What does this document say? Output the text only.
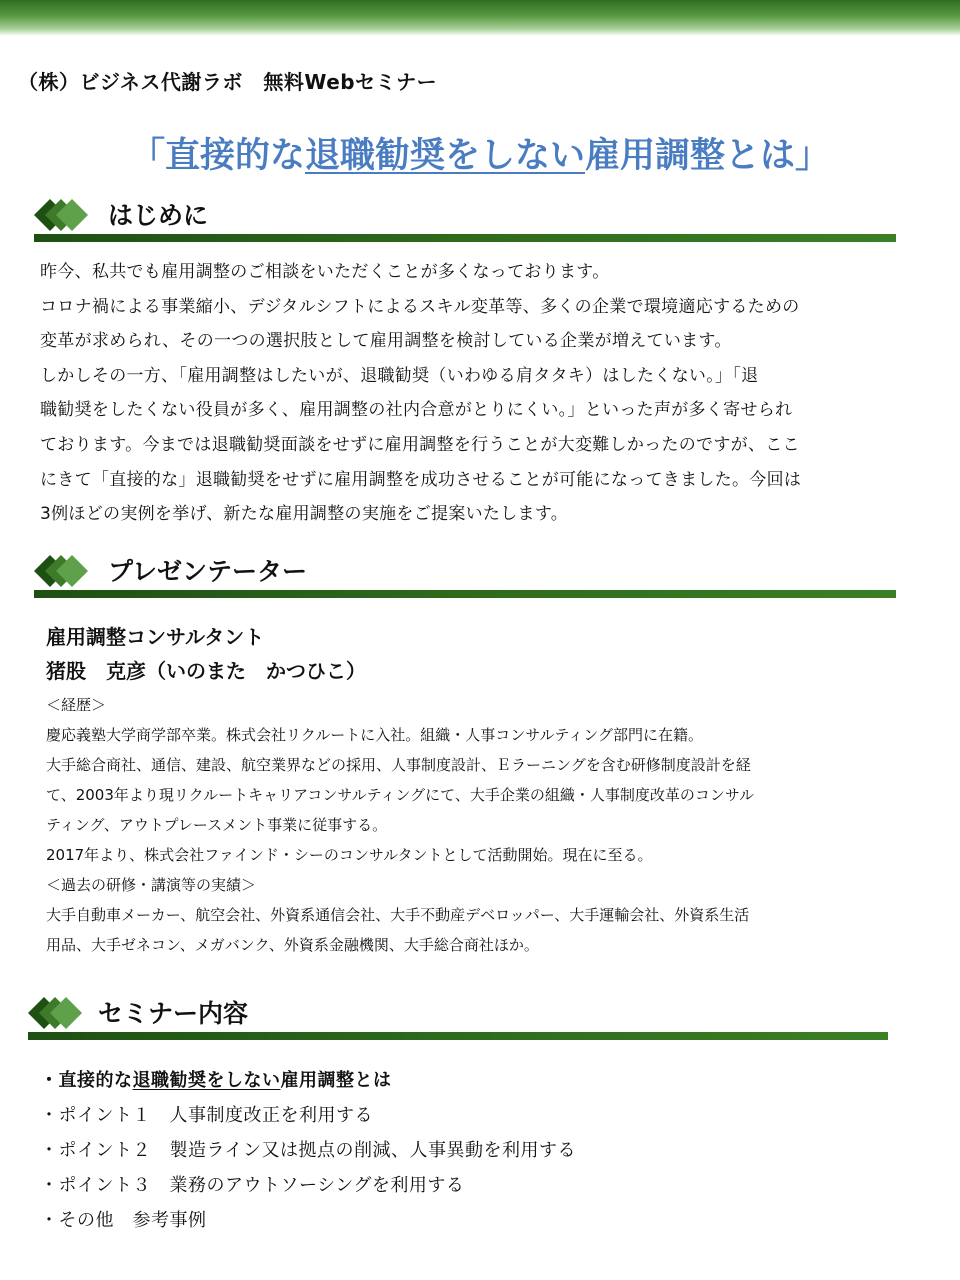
（株）ビジネス代謝ラボ　無料Webセミナー
「直接的な退職勧奨をしない雇用調整とは」
はじめに

昨今、私共でも雇用調整のご相談をいただくことが多くなっております。

コロナ禍による事業縮小、デジタルシフトによるスキル変革等、多くの企業で環境適応するための

変革が求められ、その一つの選択肢として雇用調整を検討している企業が増えています。

しかしその一方、「雇用調整はしたいが、退職勧奨（いわゆる肩タタキ）はしたくない。」「退

職勧奨をしたくない役員が多く、雇用調整の社内合意がとりにくい。」といった声が多く寄せられ

ております。今までは退職勧奨面談をせずに雇用調整を行うことが大変難しかったのですが、ここ

にきて「直接的な」退職勧奨をせずに雇用調整を成功させることが可能になってきました。今回は

3例ほどの実例を挙げ、新たな雇用調整の実施をご提案いたします。

プレゼンテーター
雇用調整コンサルタント
猪股　克彦（いのまた　かつひこ）
＜経歴＞
慶応義塾大学商学部卒業。株式会社リクルートに入社。組織・人事コンサルティング部門に在籍。
大手総合商社、通信、建設、航空業界などの採用、人事制度設計、Ｅラーニングを含む研修制度設計を経
て、2003年より現リクルートキャリアコンサルティングにて、大手企業の組織・人事制度改革のコンサル
ティング、アウトプレースメント事業に従事する。
2017年より、株式会社ファインド・シーのコンサルタントとして活動開始。現在に至る。
＜過去の研修・講演等の実績＞
大手自動車メーカー、航空会社、外資系通信会社、大手不動産デベロッパー、大手運輸会社、外資系生活
用品、大手ゼネコン、メガバンク、外資系金融機関、大手総合商社ほか。
セミナー内容
・直接的な退職勧奨をしない雇用調整とは
・ポイント１　人事制度改正を利用する
・ポイント２　製造ライン又は拠点の削減、人事異動を利用する
・ポイント３　業務のアウトソーシングを利用する
・その他　参考事例
